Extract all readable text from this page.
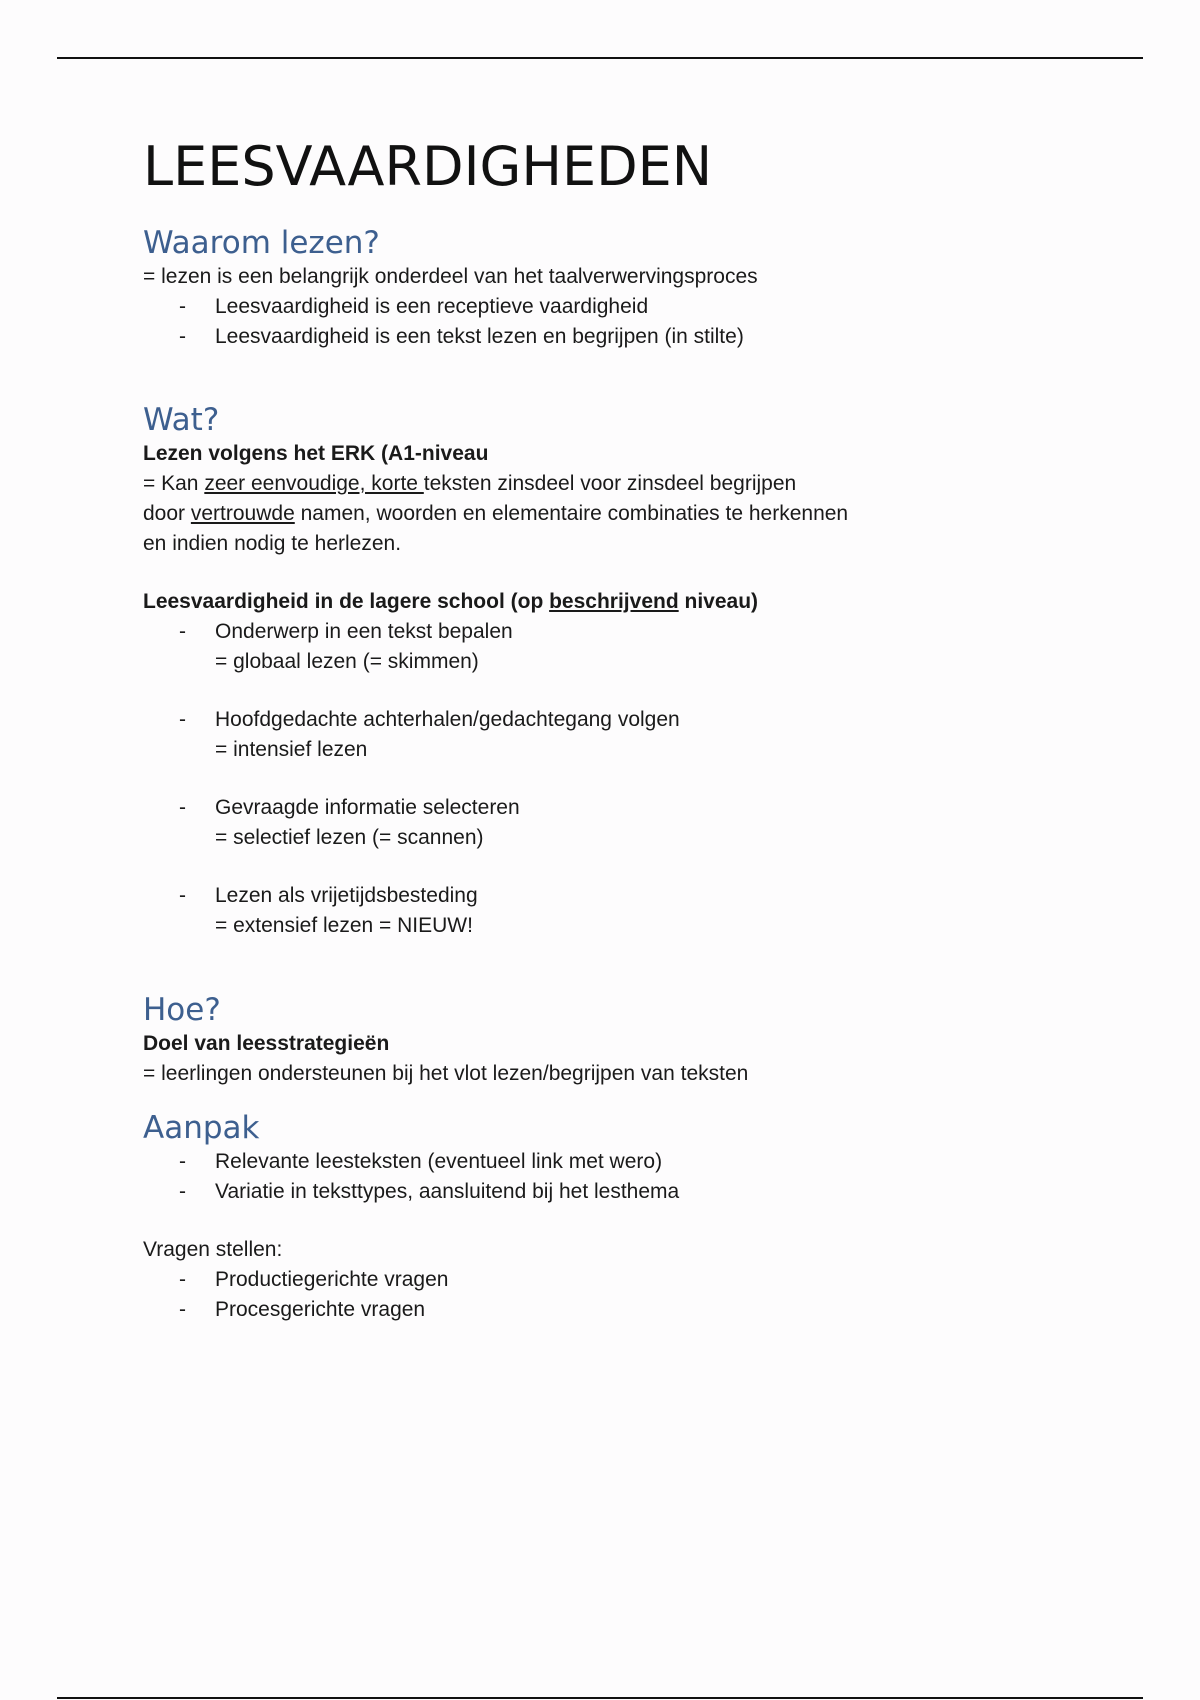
LEESVAARDIGHEDEN
Waarom lezen?

= lezen is een belangrijk onderdeel van het taalverwervingsproces

- Leesvaardigheid is een receptieve vaardigheid
- Leesvaardigheid is een tekst lezen en begrijpen (in stilte)
Wat?

Lezen volgens het ERK (A1-niveau

= Kan zeer eenvoudige, korte teksten zinsdeel voor zinsdeel begrijpen

door vertrouwde namen, woorden en elementaire combinaties te herkennen

en indien nodig te herlezen.

Leesvaardigheid in de lagere school (op beschrijvend niveau)

- Onderwerp in een tekst bepalen
= globaal lezen (= skimmen)
- Hoofdgedachte achterhalen/gedachtegang volgen
= intensief lezen
- Gevraagde informatie selecteren
= selectief lezen (= scannen)
- Lezen als vrijetijdsbesteding
= extensief lezen = NIEUW!
Hoe?

Doel van leesstrategieën

= leerlingen ondersteunen bij het vlot lezen/begrijpen van teksten

Aanpak
- Relevante leesteksten (eventueel link met wero)
- Variatie in teksttypes, aansluitend bij het lesthema

Vragen stellen:

- Productiegerichte vragen
- Procesgerichte vragen
